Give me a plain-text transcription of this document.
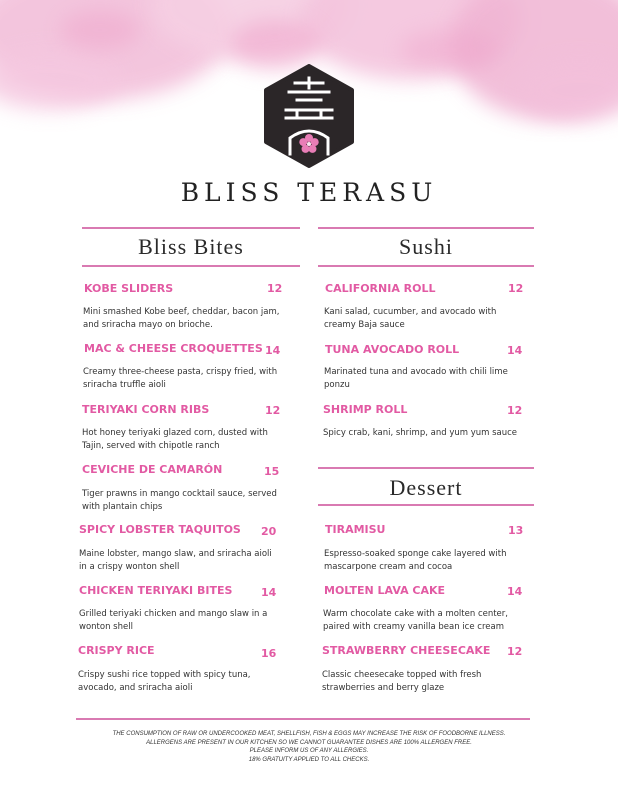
BLISS TERASU
Bliss Bites	Sushi
Dessert
KOBE SLIDERS	12
Mini smashed Kobe beef, cheddar, bacon jam, and sriracha mayo on brioche.
MAC & CHEESE CROQUETTES 14
Creamy three-cheese pasta, crispy fried, with sriracha truffle aioli
TERIYAKI CORN RIBS	12
Hot honey teriyaki glazed corn, dusted with Tajin, served with chipotle ranch
CEVICHE DE CAMARÓN	15
Tiger prawns in mango cocktail sauce, served with plantain chips
SPICY LOBSTER TAQUITOS 20
Maine lobster, mango slaw, and sriracha aioli in a crispy wonton shell
CHICKEN TERIYAKI BITES	14
Grilled teriyaki chicken and mango slaw in a wonton shell
CRISPY RICE	16
Crispy sushi rice topped with spicy tuna, avocado, and sriracha aioli
CALIFORNIA ROLL	12
Kani salad, cucumber, and avocado with creamy Baja sauce
TUNA AVOCADO ROLL	14
Marinated tuna and avocado with chili lime ponzu
SHRIMP ROLL	12
Spicy crab, kani, shrimp, and yum yum sauce
TIRAMISU	13
Espresso-soaked sponge cake layered with mascarpone cream and cocoa
MOLTEN LAVA CAKE	14
Warm chocolate cake with a molten center, paired with creamy vanilla bean ice cream
STRAWBERRY CHEESECAKE 12
Classic cheesecake topped with fresh strawberries and berry glaze
THE CONSUMPTION OF RAW OR UNDERCOOKED MEAT, SHELLFISH, FISH & EGGS MAY INCREASE THE RISK OF FOODBORNE ILLNESS.
ALLERGENS ARE PRESENT IN OUR KITCHEN SO WE CANNOT GUARANTEE DISHES ARE 100% ALLERGEN FREE.
PLEASE INFORM US OF ANY ALLERGIES.
18% GRATUITY APPLIED TO ALL CHECKS.
